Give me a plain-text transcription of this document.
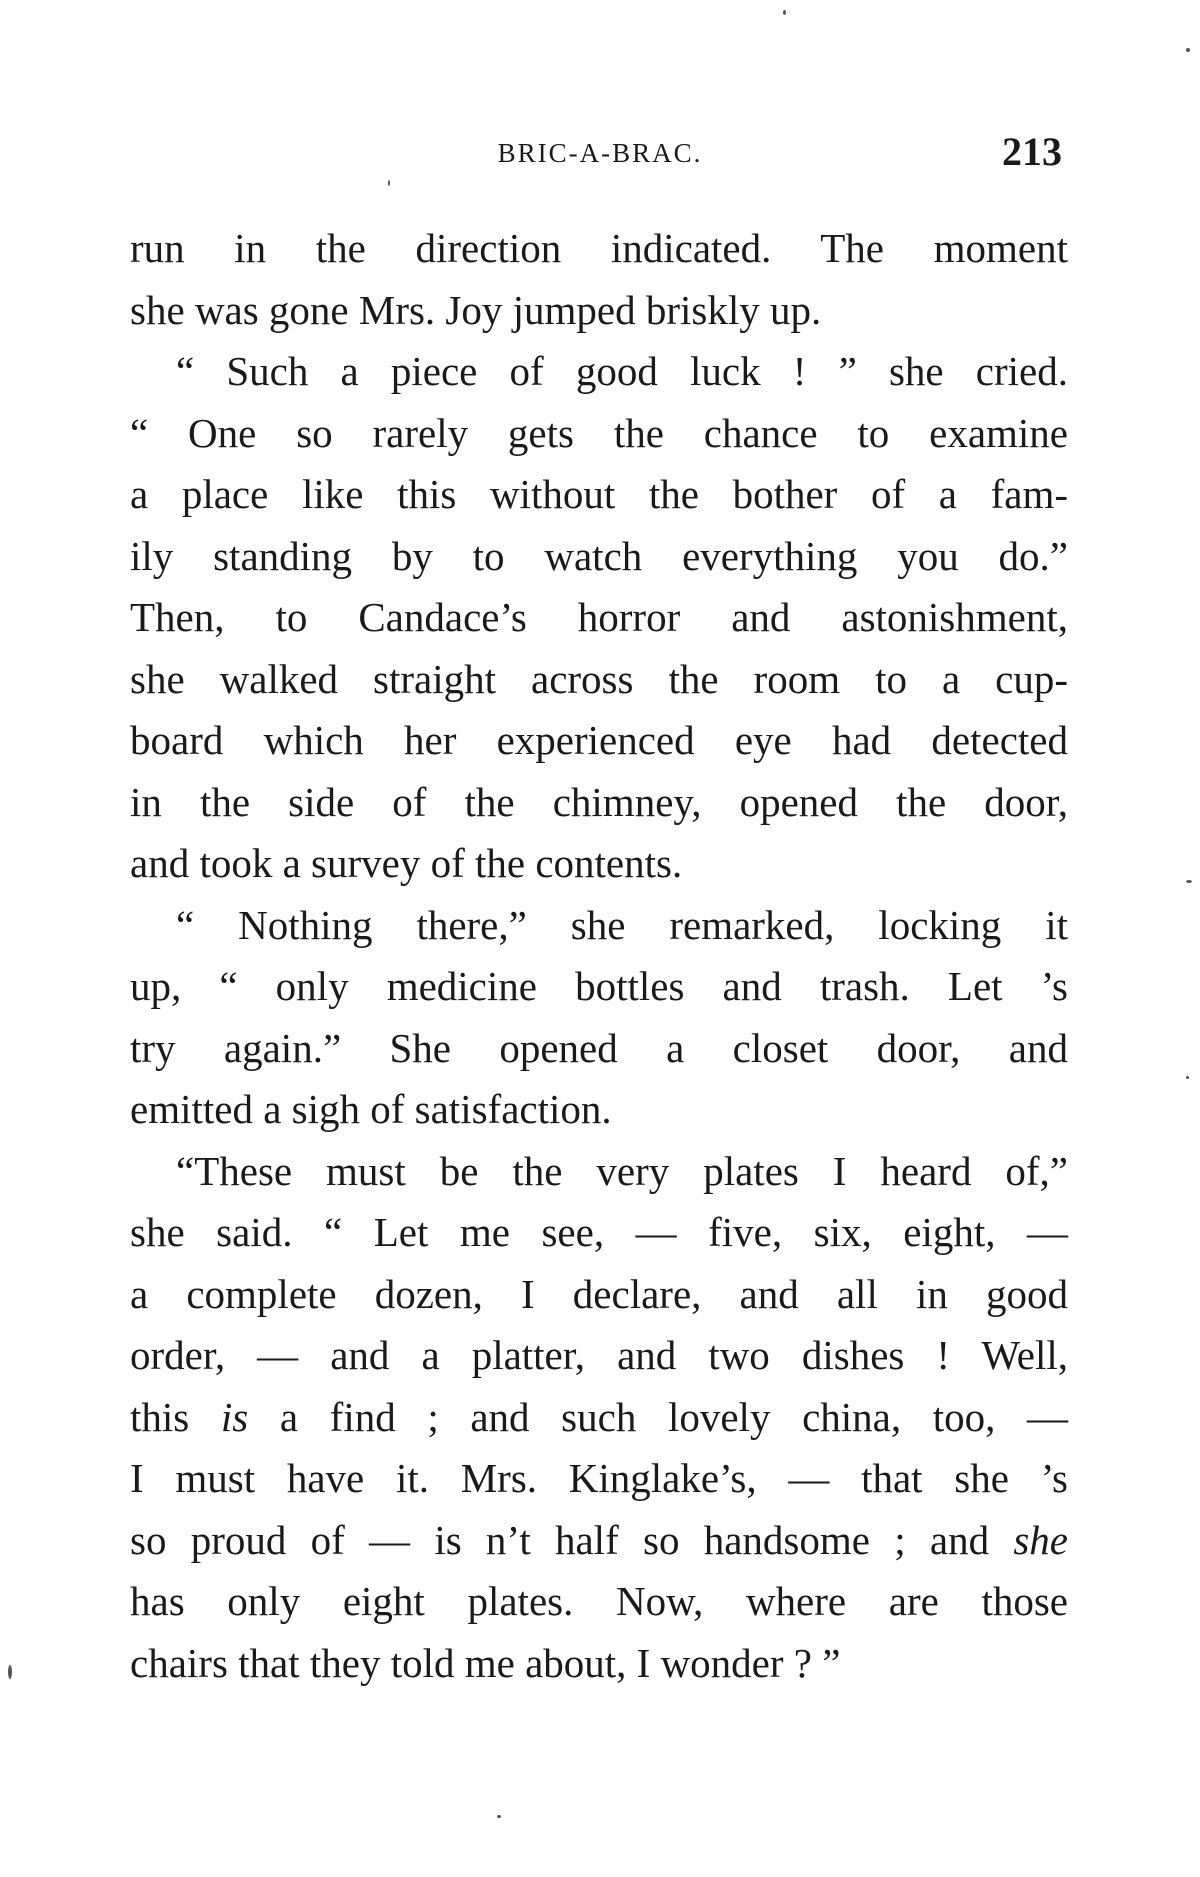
BRIC-A-BRAC.	213
run in the direction indicated. The moment
she was gone Mrs. Joy jumped briskly up.
“ Such a piece of good luck ! ” she cried.
“ One so rarely gets the chance to examine
a place like this without the bother of a fam-
ily standing by to watch everything you do.”
Then, to Candace’s horror and astonishment,
she walked straight across the room to a cup-
board which her experienced eye had detected
in the side of the chimney, opened the door,
and took a survey of the contents.
“ Nothing there,” she remarked, locking it
up, “ only medicine bottles and trash. Let ’s
try again.” She opened a closet door, and
emitted a sigh of satisfaction.
“These must be the very plates I heard of,”
she said. “ Let me see, — five, six, eight, —
a complete dozen, I declare, and all in good
order, — and a platter, and two dishes ! Well,
this is a find ; and such lovely china, too, —
I must have it. Mrs. Kinglake’s, — that she ’s
so proud of — is n’t half so handsome ; and she
has only eight plates. Now, where are those
chairs that they told me about, I wonder ? ”
